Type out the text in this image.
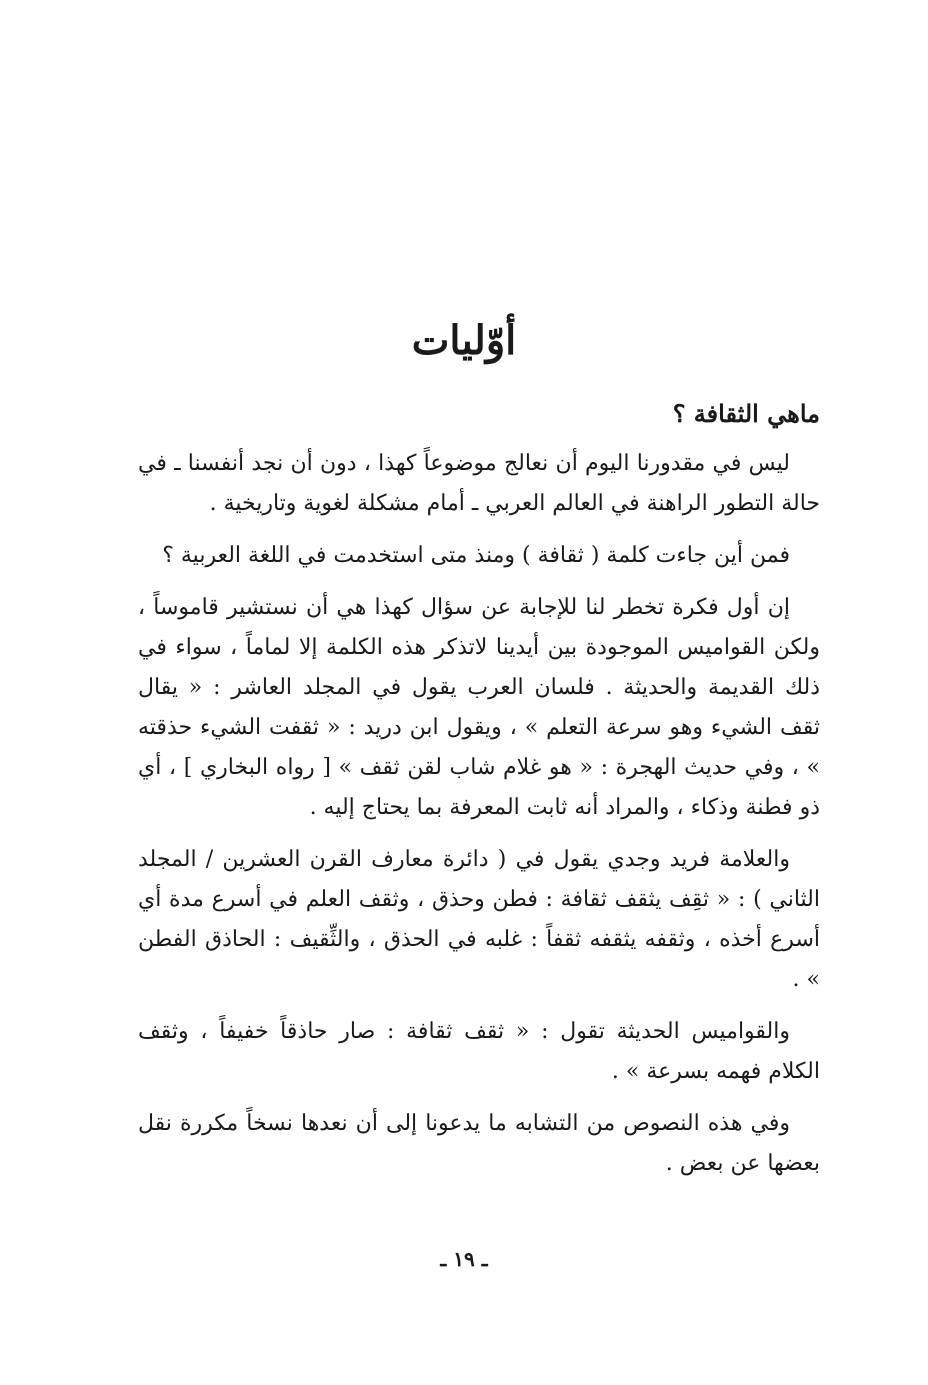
أوّليات
ماهي الثقافة ؟

ليس في مقدورنا اليوم أن نعالج موضوعاً كهذا ، دون أن نجد أنفسنا ـ في حالة التطور الراهنة في العالم العربي ـ أمام مشكلة لغوية وتاريخية .

فمن أين جاءت كلمة ( ثقافة ) ومنذ متى استخدمت في اللغة العربية ؟

إن أول فكرة تخطر لنا للإجابة عن سؤال كهذا هي أن نستشير قاموساً ، ولكن القواميس الموجودة بين أيدينا لاتذكر هذه الكلمة إلا لماماً ، سواء في ذلك القديمة والحديثة . فلسان العرب يقول في المجلد العاشر : « يقال ثقف الشيء وهو سرعة التعلم » ، ويقول ابن دريد : « ثقفت الشيء حذقته » ، وفي حديث الهجرة : « هو غلام شاب لقن ثقف » [ رواه البخاري ] ، أي ذو فطنة وذكاء ، والمراد أنه ثابت المعرفة بما يحتاج إليه .

والعلامة فريد وجدي يقول في ( دائرة معارف القرن العشرين / المجلد الثاني ) : « ثقِف يثقف ثقافة : فطن وحذق ، وثقف العلم في أسرع مدة أي أسرع أخذه ، وثقفه يثقفه ثقفاً : غلبه في الحذق ، والثِّقيف : الحاذق الفطن » .

والقواميس الحديثة تقول : « ثقف ثقافة : صار حاذقاً خفيفاً ، وثقف الكلام فهمه بسرعة » .

وفي هذه النصوص من التشابه ما يدعونا إلى أن نعدها نسخاً مكررة نقل بعضها عن بعض .

ـ ١٩ ـ
